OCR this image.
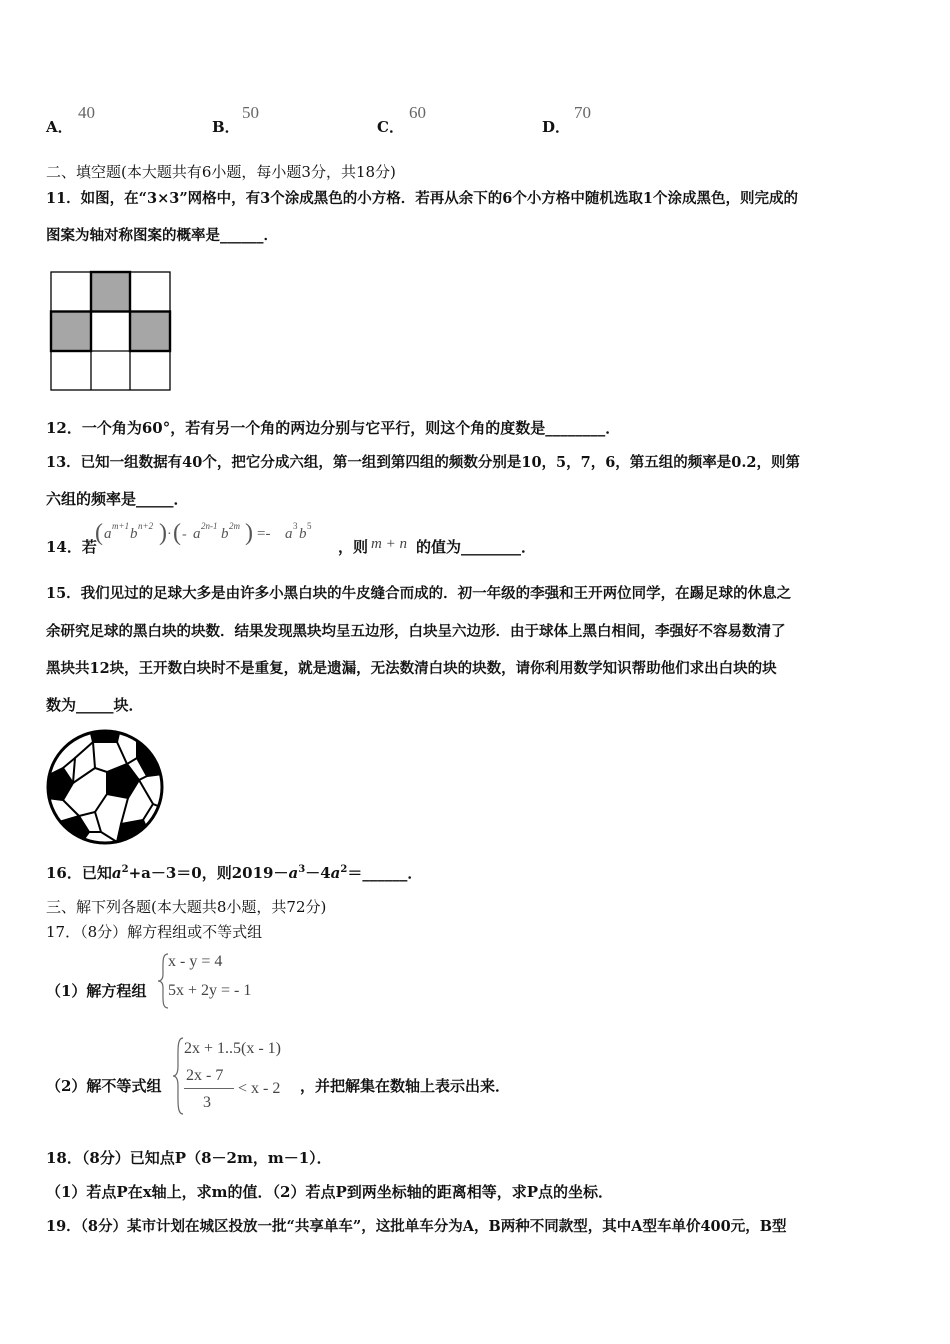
A．
40
B．
50
C．
60
D．
70
二、填空题(本大题共有6小题，每小题3分，共18分)
11．如图，在“3×3”网格中，有3个涂成黑色的小方格．若再从余下的6个小方格中随机选取1个涂成黑色，则完成的
图案为轴对称图案的概率是______．
12．一个角为60°，若有另一个角的两边分别与它平行，则这个角的度数是________．
13．已知一组数据有40个，把它分成六组，第一组到第四组的频数分别是10，5，7，6，第五组的频率是0.2，则第
六组的频率是_____．
14．若
( a m+1 b n+2 ) · ( - a 2n-1 b 2m ) =- a 3 b 5
，则 m + n 的值为________．
15．我们见过的足球大多是由许多小黑白块的牛皮缝合而成的．初一年级的李强和王开两位同学，在踢足球的休息之
余研究足球的黑白块的块数．结果发现黑块均呈五边形，白块呈六边形．由于球体上黑白相间，李强好不容易数清了
黑块共12块，王开数白块时不是重复，就是遗漏，无法数清白块的块数，请你利用数学知识帮助他们求出白块的块
数为_____块．
16．已知$a^2+a-3=0$，则$2019-a^3-4a^2=\_\_\_\_\_\_$．
三、解下列各题(本大题共8小题，共72分)
17．（8分）解方程组或不等式组
（1）解方程组
x - y = 4
5x + 2y = - 1
（2）解不等式组
2x + 1..5(x - 1)
2x - 7
3
< x - 2 ，并把解集在数轴上表示出来．
18．（8分）已知点P（8－2m，m－1）．
（1）若点P在x轴上，求m的值．（2）若点P到两坐标轴的距离相等，求P点的坐标．
19．（8分）某市计划在城区投放一批“共享单车”，这批单车分为A，B两种不同款型，其中A型车单价400元，B型
